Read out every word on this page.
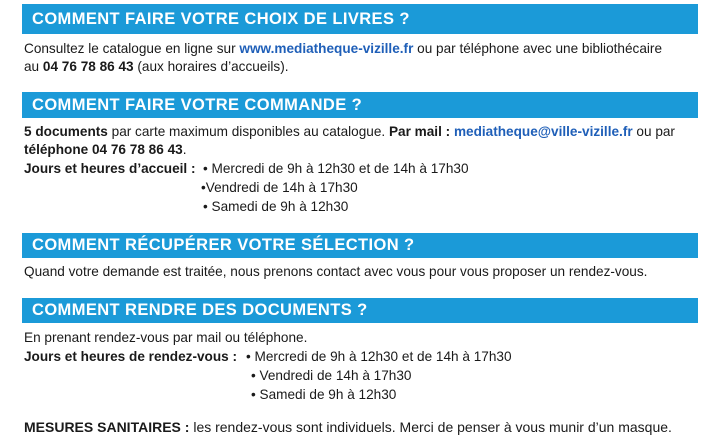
COMMENT FAIRE VOTRE CHOIX DE LIVRES ?
Consultez le catalogue en ligne sur www.mediatheque-vizille.fr ou par téléphone avec une bibliothécaire
au 04 76 78 86 43 (aux horaires d’accueils).
COMMENT FAIRE VOTRE COMMANDE ?
5 documents par carte maximum disponibles au catalogue. Par mail : mediatheque@ville-vizille.fr ou par
téléphone 04 76 78 86 43.
Jours et heures d’accueil : • Mercredi de 9h à 12h30 et de 14h à 17h30
•Vendredi de 14h à 17h30
• Samedi de 9h à 12h30
COMMENT RÉCUPÉRER VOTRE SÉLECTION ?
Quand votre demande est traitée, nous prenons contact avec vous pour vous proposer un rendez-vous.
COMMENT RENDRE DES DOCUMENTS ?
En prenant rendez-vous par mail ou téléphone.
Jours et heures de rendez-vous : • Mercredi de 9h à 12h30 et de 14h à 17h30
• Vendredi de 14h à 17h30
• Samedi de 9h à 12h30
MESURES SANITAIRES : les rendez-vous sont individuels. Merci de penser à vous munir d’un masque.
